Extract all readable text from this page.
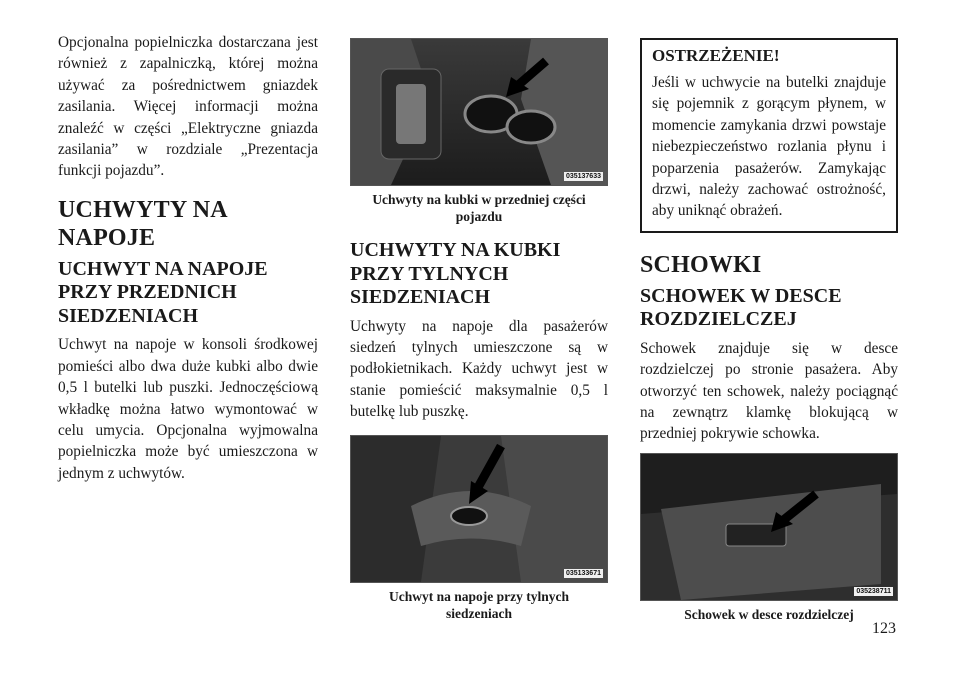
Opcjonalna popielniczka dostarczana jest również z zapalniczką, której można używać za pośrednictwem gniazdek zasilania. Więcej informacji można znaleźć w części „Elektryczne gniazda zasilania” w rozdziale „Prezentacja funkcji pojazdu”.

UCHWYTY NA NAPOJE
UCHWYT NA NAPOJE PRZY PRZEDNICH SIEDZENIACH

Uchwyt na napoje w konsoli środkowej pomieści albo dwa duże kubki albo dwie 0,5 l butelki lub puszki. Jednoczęściową wkładkę można łatwo wymontować w celu umycia. Opcjonalna wyjmowalna popielniczka może być umieszczona w jednym z uchwytów.

035137633
Uchwyty na kubki w przedniej części pojazdu
UCHWYTY NA KUBKI PRZY TYLNYCH SIEDZENIACH

Uchwyty na napoje dla pasażerów siedzeń tylnych umieszczone są w podłokietnikach. Każdy uchwyt jest w stanie pomieścić maksymalnie 0,5 l butelkę lub puszkę.

035133671
Uchwyt na napoje przy tylnych siedzeniach
OSTRZEŻENIE!

Jeśli w uchwycie na butelki znajduje się pojemnik z gorącym płynem, w momencie zamykania drzwi powstaje niebezpieczeństwo rozlania płynu i poparzenia pasażerów. Zamykając drzwi, należy zachować ostrożność, aby uniknąć obrażeń.

SCHOWKI
SCHOWEK W DESCE ROZDZIELCZEJ

Schowek znajduje się w desce rozdzielczej po stronie pasażera. Aby otworzyć ten schowek, należy pociągnąć na zewnątrz klamkę blokującą w przedniej pokrywie schowka.

035238711
Schowek w desce rozdzielczej
123
